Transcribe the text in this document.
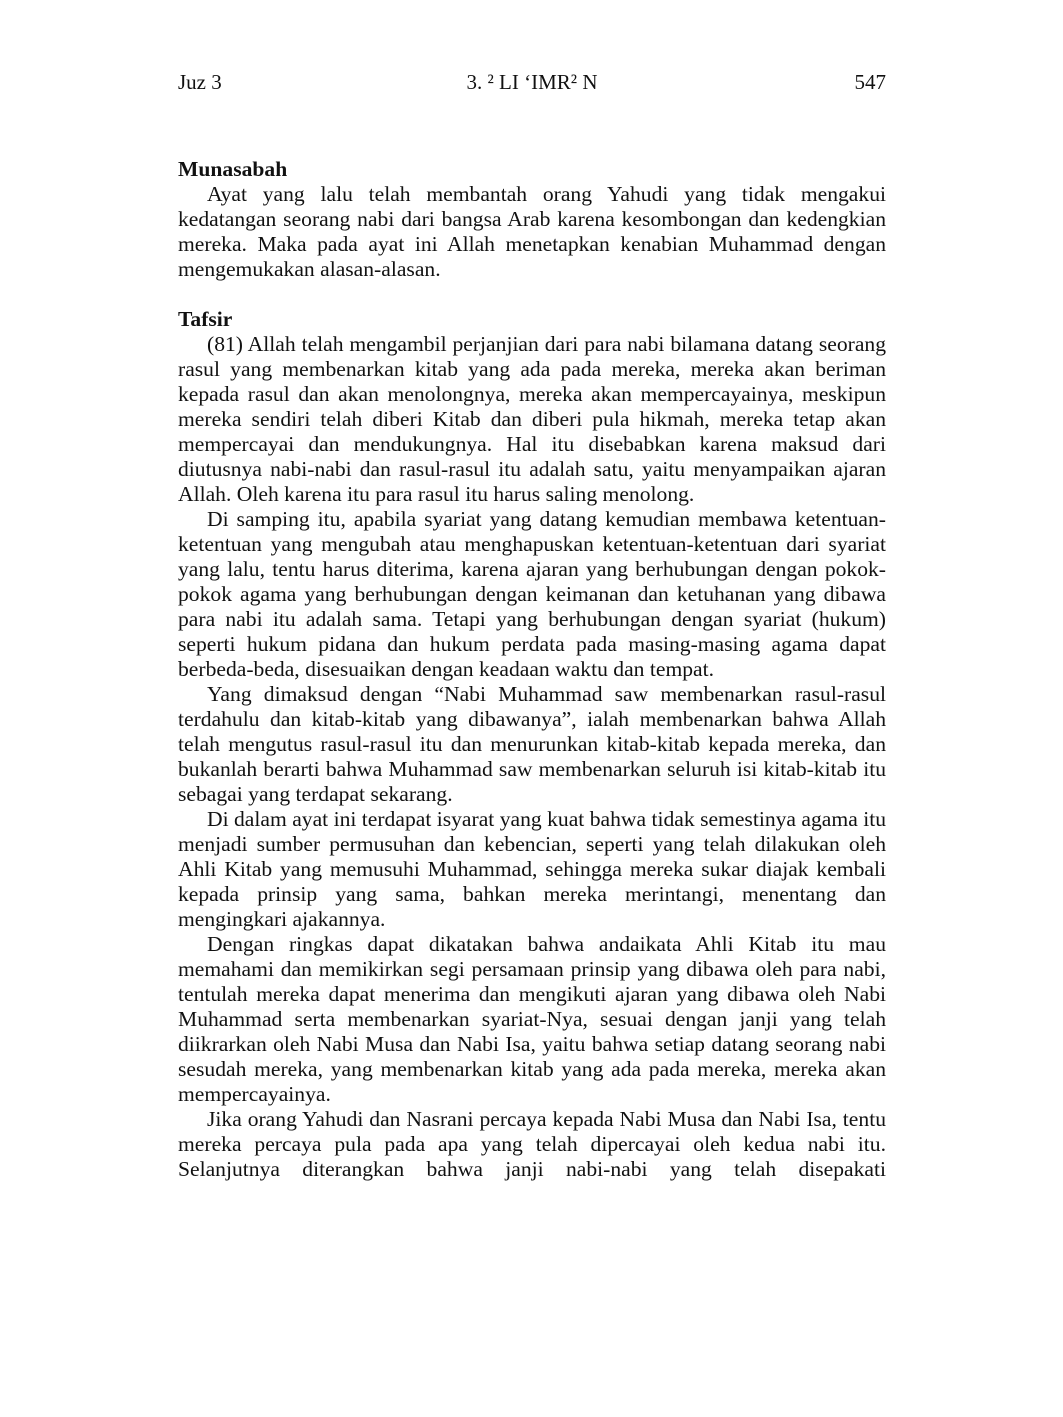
Juz 3	3. ² LI ‘IMR² N	547
Munasabah

Ayat yang lalu telah membantah orang Yahudi yang tidak mengakui kedatangan seorang nabi dari bangsa Arab karena kesombongan dan kedengkian mereka. Maka pada ayat ini Allah menetapkan kenabian Muhammad dengan mengemukakan alasan-alasan.

Tafsir

(81) Allah telah mengambil perjanjian dari para nabi bilamana datang seorang rasul yang membenarkan kitab yang ada pada mereka, mereka akan beriman kepada rasul dan akan menolongnya, mereka akan mempercayainya, meskipun mereka sendiri telah diberi Kitab dan diberi pula hikmah, mereka tetap akan mempercayai dan mendukungnya. Hal itu disebabkan karena maksud dari diutusnya nabi-nabi dan rasul-rasul itu adalah satu, yaitu menyampaikan ajaran Allah. Oleh karena itu para rasul itu harus saling menolong.

Di samping itu, apabila syariat yang datang kemudian membawa ketentuan-ketentuan yang mengubah atau menghapuskan ketentuan-ketentuan dari syariat yang lalu, tentu harus diterima, karena ajaran yang berhubungan dengan pokok-pokok agama yang berhubungan dengan keimanan dan ketuhanan yang dibawa para nabi itu adalah sama. Tetapi yang berhubungan dengan syariat (hukum) seperti hukum pidana dan hukum perdata pada masing-masing agama dapat berbeda-beda, disesuaikan dengan keadaan waktu dan tempat.

Yang dimaksud dengan “Nabi Muhammad saw membenarkan rasul-rasul terdahulu dan kitab-kitab yang dibawanya”, ialah membenarkan bahwa Allah telah mengutus rasul-rasul itu dan menurunkan kitab-kitab kepada mereka, dan bukanlah berarti bahwa Muhammad saw membenarkan seluruh isi kitab-kitab itu sebagai yang terdapat sekarang.

Di dalam ayat ini terdapat isyarat yang kuat bahwa tidak semestinya agama itu menjadi sumber permusuhan dan kebencian, seperti yang telah dilakukan oleh Ahli Kitab yang memusuhi Muhammad, sehingga mereka sukar diajak kembali kepada prinsip yang sama, bahkan mereka merintangi, menentang dan mengingkari ajakannya.

Dengan ringkas dapat dikatakan bahwa andaikata Ahli Kitab itu mau memahami dan memikirkan segi persamaan prinsip yang dibawa oleh para nabi, tentulah mereka dapat menerima dan mengikuti ajaran yang dibawa oleh Nabi Muhammad serta membenarkan syariat-Nya, sesuai dengan janji yang telah diikrarkan oleh Nabi Musa dan Nabi Isa, yaitu bahwa setiap datang seorang nabi sesudah mereka, yang membenarkan kitab yang ada pada mereka, mereka akan mempercayainya.

Jika orang Yahudi dan Nasrani percaya kepada Nabi Musa dan Nabi Isa, tentu mereka percaya pula pada apa yang telah dipercayai oleh kedua nabi itu. Selanjutnya diterangkan bahwa janji nabi-nabi yang telah disepakati
